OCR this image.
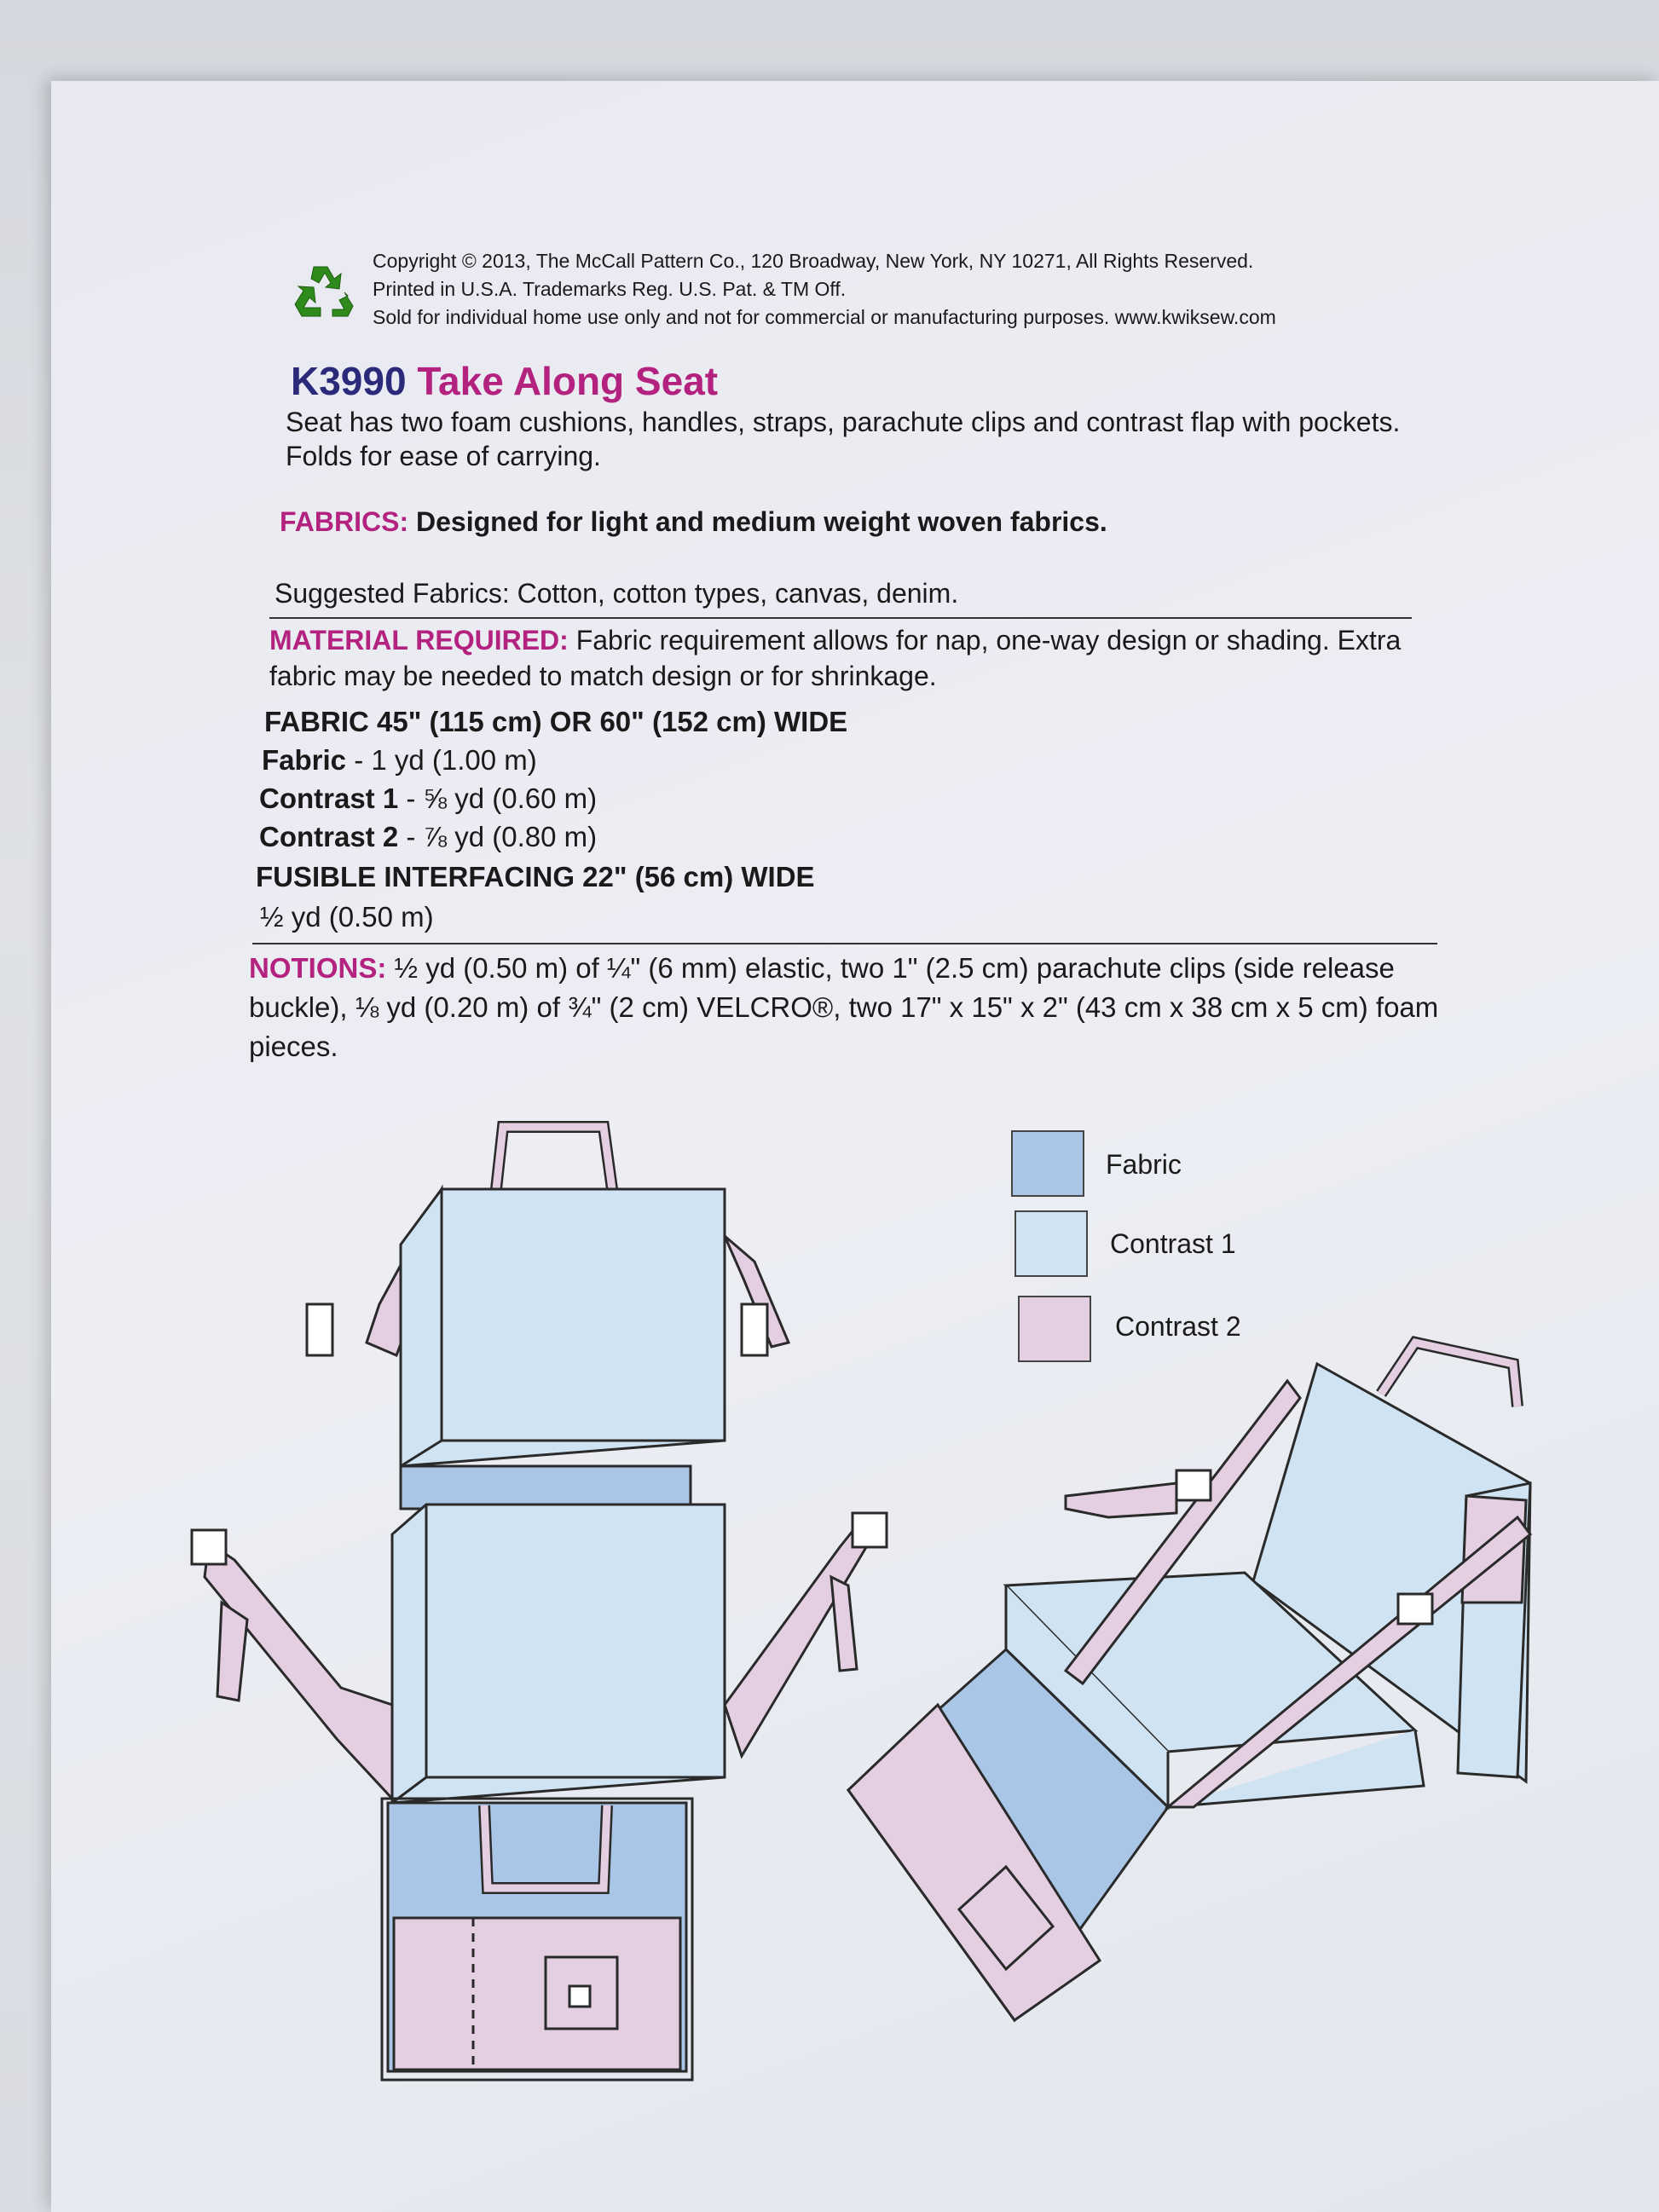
Copyright © 2013, The McCall Pattern Co., 120 Broadway, New York, NY 10271, All Rights Reserved.
Printed in U.S.A. Trademarks Reg. U.S. Pat. & TM Off.
Sold for individual home use only and not for commercial or manufacturing purposes. www.kwiksew.com
K3990 Take Along Seat
Seat has two foam cushions, handles, straps, parachute clips and contrast flap with pockets. Folds for ease of carrying.
FABRICS: Designed for light and medium weight woven fabrics.
Suggested Fabrics: Cotton, cotton types, canvas, denim.
MATERIAL REQUIRED: Fabric requirement allows for nap, one-way design or shading. Extra fabric may be needed to match design or for shrinkage.
FABRIC 45" (115 cm) OR 60" (152 cm) WIDE
Fabric - 1 yd (1.00 m)
Contrast 1 - ⅝ yd (0.60 m)
Contrast 2 - ⅞ yd (0.80 m)
FUSIBLE INTERFACING 22" (56 cm) WIDE
½ yd (0.50 m)
NOTIONS: ½ yd (0.50 m) of ¼" (6 mm) elastic, two 1" (2.5 cm) parachute clips (side release buckle), ⅛ yd (0.20 m) of ¾" (2 cm) VELCRO®, two 17" x 15" x 2" (43 cm x 38 cm x 5 cm) foam pieces.
Fabric
Contrast 1
Contrast 2
